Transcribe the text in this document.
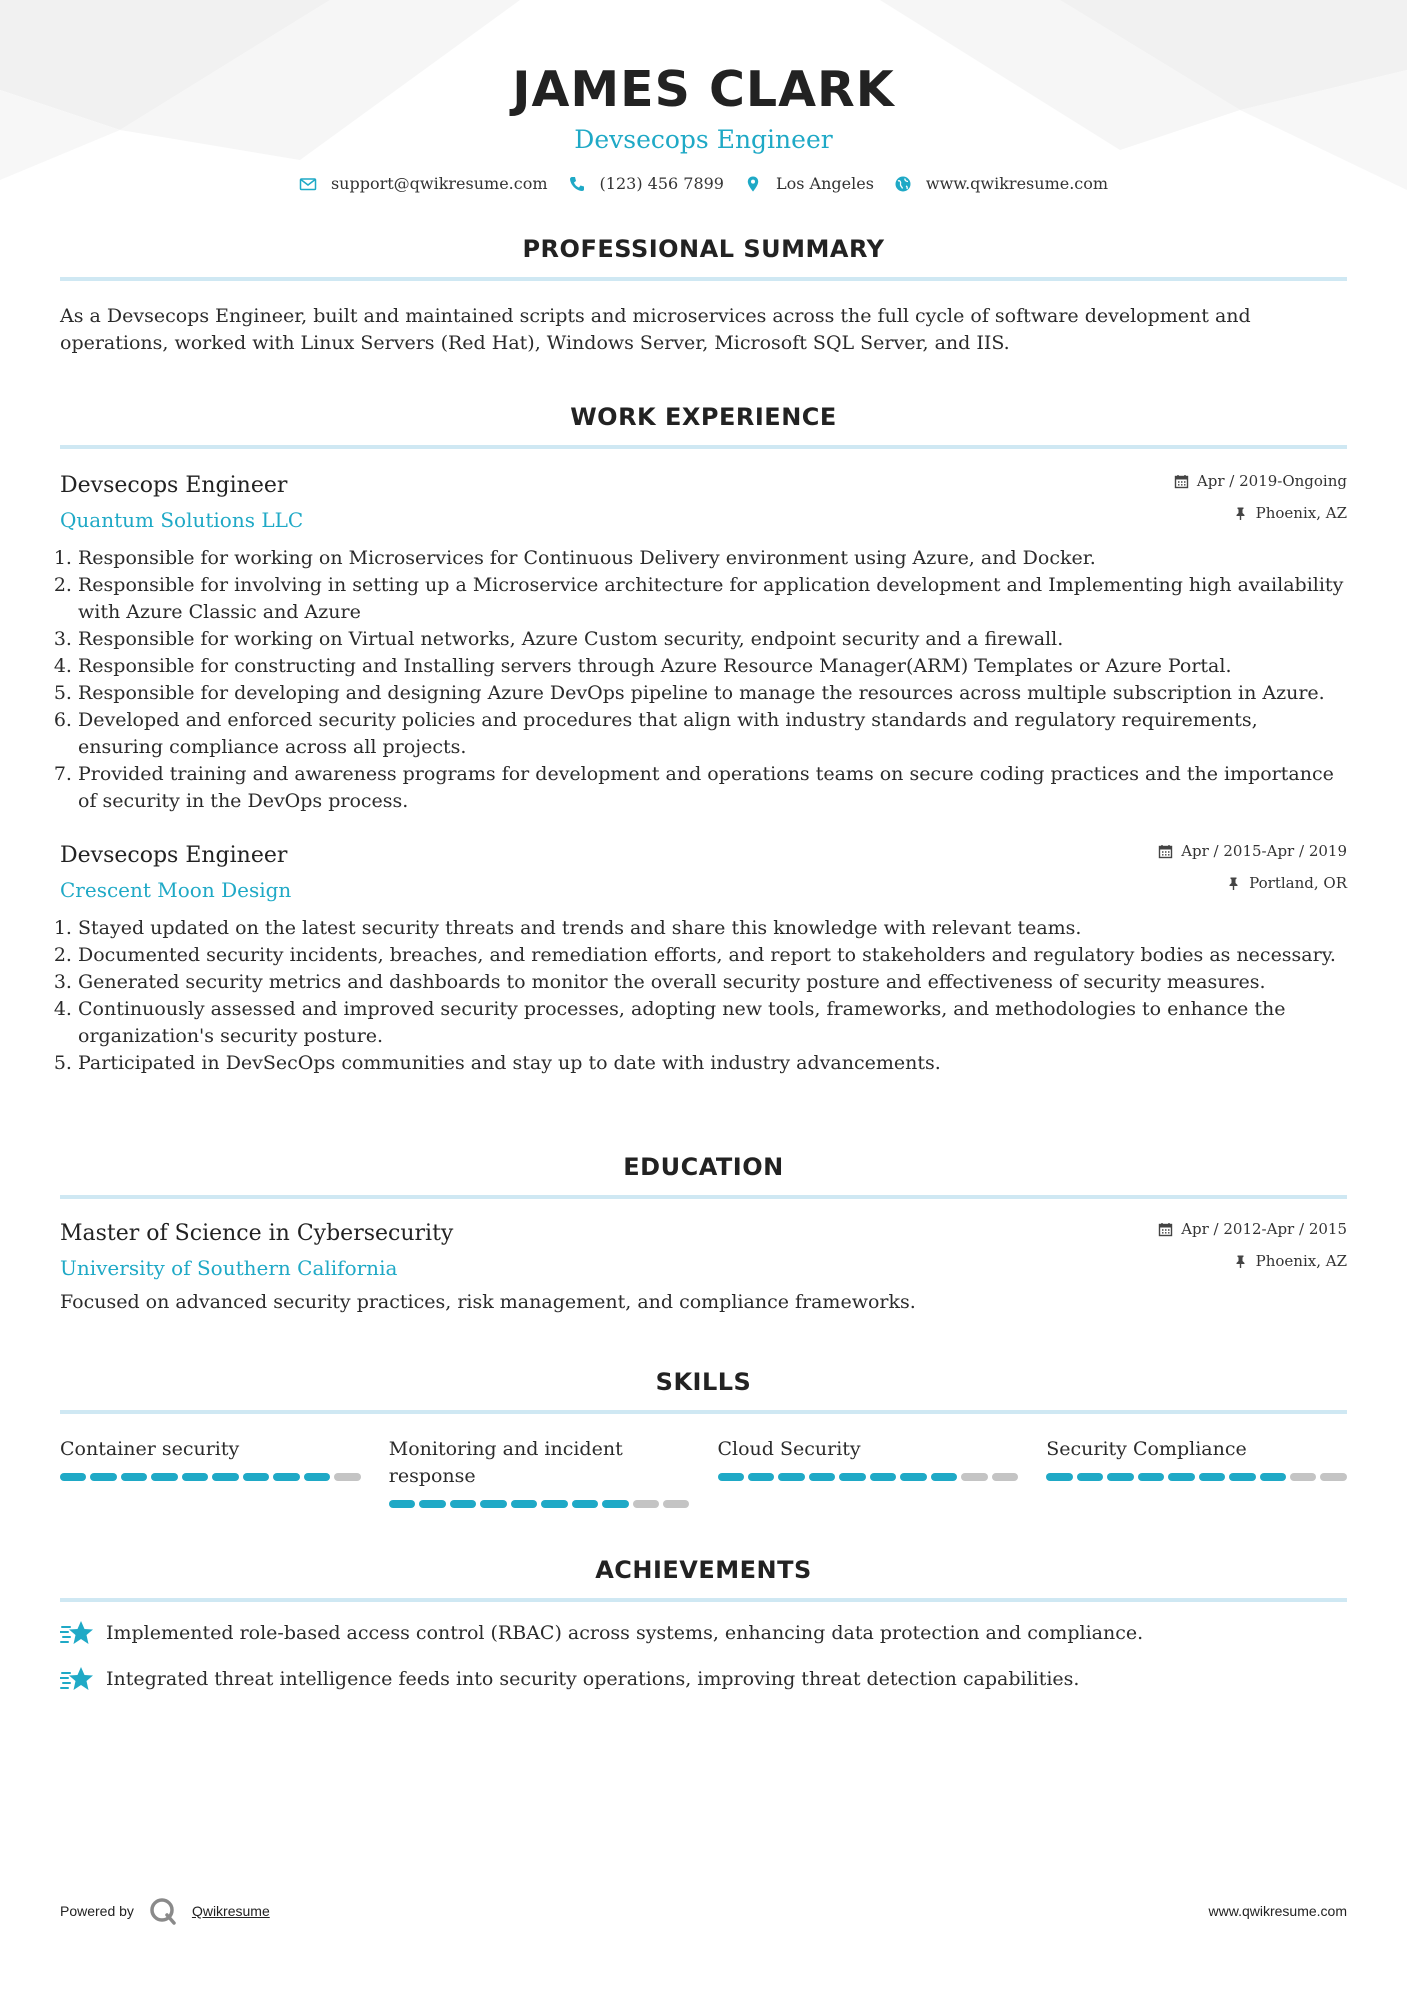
JAMES CLARK
Devsecops Engineer
support@qwikresume.com	(123) 456 7899	Los Angeles	www.qwikresume.com
PROFESSIONAL SUMMARY

As a Devsecops Engineer, built and maintained scripts and microservices across the full cycle of software development and operations, worked with Linux Servers (Red Hat), Windows Server, Microsoft SQL Server, and IIS.

WORK EXPERIENCE
Devsecops Engineer
Quantum Solutions LLC
Apr / 2019-Ongoing
Phoenix, AZ
1. Responsible for working on Microservices for Continuous Delivery environment using Azure, and Docker.
2. Responsible for involving in setting up a Microservice architecture for application development and Implementing high availability with Azure Classic and Azure
3. Responsible for working on Virtual networks, Azure Custom security, endpoint security and a firewall.
4. Responsible for constructing and Installing servers through Azure Resource Manager(ARM) Templates or Azure Portal.
5. Responsible for developing and designing Azure DevOps pipeline to manage the resources across multiple subscription in Azure.
6. Developed and enforced security policies and procedures that align with industry standards and regulatory requirements, ensuring compliance across all projects.
7. Provided training and awareness programs for development and operations teams on secure coding practices and the importance of security in the DevOps process.
Devsecops Engineer
Crescent Moon Design
Apr / 2015-Apr / 2019
Portland, OR
1. Stayed updated on the latest security threats and trends and share this knowledge with relevant teams.
2. Documented security incidents, breaches, and remediation efforts, and report to stakeholders and regulatory bodies as necessary.
3. Generated security metrics and dashboards to monitor the overall security posture and effectiveness of security measures.
4. Continuously assessed and improved security processes, adopting new tools, frameworks, and methodologies to enhance the organization's security posture.
5. Participated in DevSecOps communities and stay up to date with industry advancements.
EDUCATION
Master of Science in Cybersecurity
University of Southern California
Apr / 2012-Apr / 2015
Phoenix, AZ
Focused on advanced security practices, risk management, and compliance frameworks.
SKILLS
Container security	Monitoring and incident response
Cloud Security	Security Compliance
ACHIEVEMENTS
Implemented role-based access control (RBAC) across systems, enhancing data protection and compliance.
Integrated threat intelligence feeds into security operations, improving threat detection capabilities.
Powered by	Qwikresume	www.qwikresume.com
